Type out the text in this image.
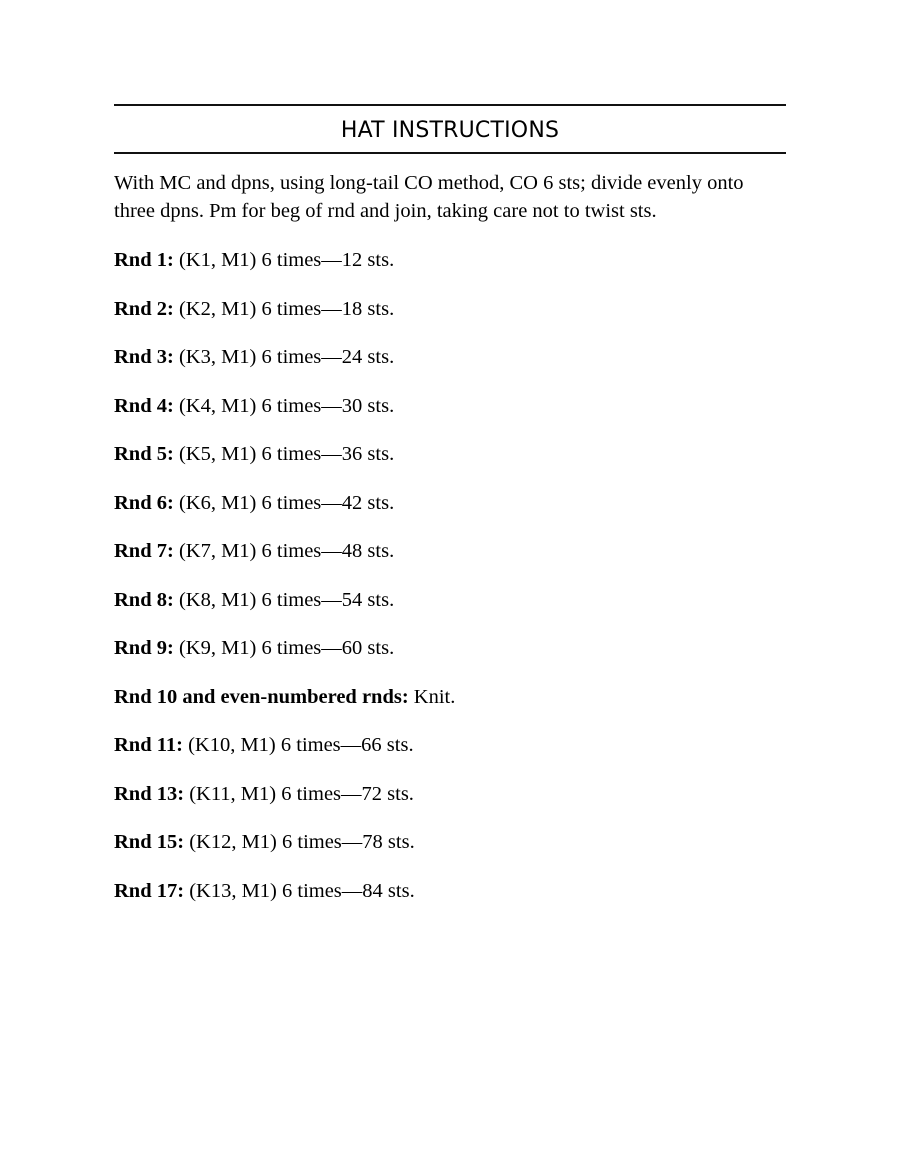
HAT INSTRUCTIONS

With MC and dpns, using long-tail CO method, CO 6 sts; divide evenly onto three dpns. Pm for beg of rnd and join, taking care not to twist sts.

Rnd 1: (K1, M1) 6 times—12 sts.
Rnd 2: (K2, M1) 6 times—18 sts.
Rnd 3: (K3, M1) 6 times—24 sts.
Rnd 4: (K4, M1) 6 times—30 sts.
Rnd 5: (K5, M1) 6 times—36 sts.
Rnd 6: (K6, M1) 6 times—42 sts.
Rnd 7: (K7, M1) 6 times—48 sts.
Rnd 8: (K8, M1) 6 times—54 sts.
Rnd 9: (K9, M1) 6 times—60 sts.
Rnd 10 and even-numbered rnds: Knit.
Rnd 11: (K10, M1) 6 times—66 sts.
Rnd 13: (K11, M1) 6 times—72 sts.
Rnd 15: (K12, M1) 6 times—78 sts.
Rnd 17: (K13, M1) 6 times—84 sts.
